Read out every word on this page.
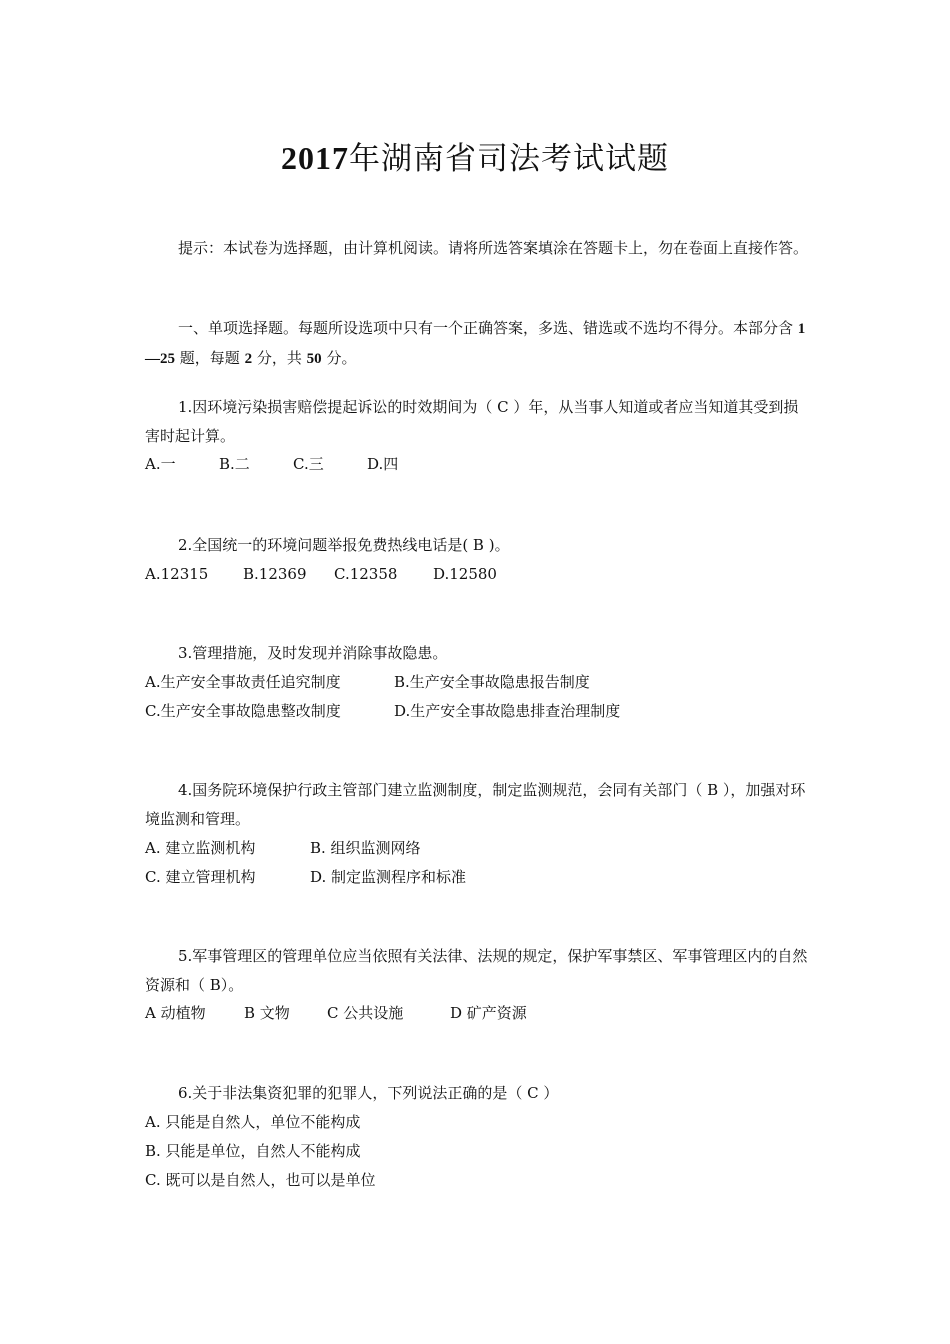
2017年湖南省司法考试试题
提示：本试卷为选择题，由计算机阅读。请将所选答案填涂在答题卡上，勿在卷面上直接作答。
一、单项选择题。每题所设选项中只有一个正确答案，多选、错选或不选均不得分。本部分含 1—25 题，每题 2 分，共 50 分。
1.因环境污染损害赔偿提起诉讼的时效期间为（ C ）年，从当事人知道或者应当知道其受到损害时起计算。
A.一	B.二	C.三	D.四
2.全国统一的环境问题举报免费热线电话是( B )。
A.12315 B.12369 C.12358 D.12580
3.管理措施，及时发现并消除事故隐患。
A.生产安全事故责任追究制度	B.生产安全事故隐患报告制度
C.生产安全事故隐患整改制度	D.生产安全事故隐患排查治理制度
4.国务院环境保护行政主管部门建立监测制度，制定监测规范，会同有关部门（ B ），加强对环境监测和管理。
A. 建立监测机构	B. 组织监测网络
C. 建立管理机构	D. 制定监测程序和标准
5.军事管理区的管理单位应当依照有关法律、法规的规定，保护军事禁区、军事管理区内的自然资源和（ B）。
A 动植物	B 文物 C 公共设施	D 矿产资源
6.关于非法集资犯罪的犯罪人，下列说法正确的是（ C ）
A. 只能是自然人，单位不能构成
B. 只能是单位，自然人不能构成
C. 既可以是自然人，也可以是单位
